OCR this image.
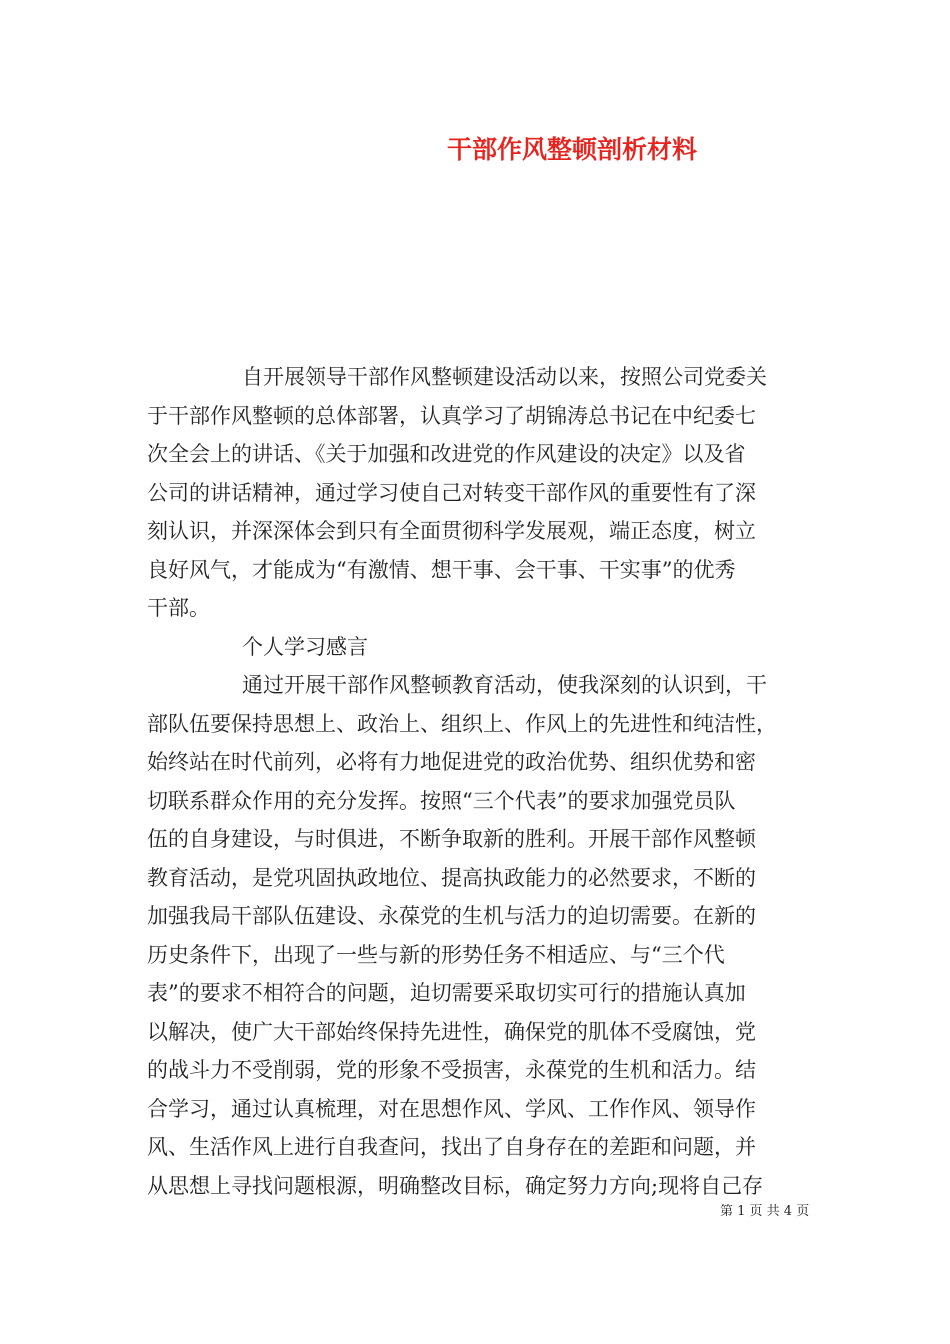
干部作风整顿剖析材料
自开展领导干部作风整顿建设活动以来，按照公司党委关
于干部作风整顿的总体部署，认真学习了胡锦涛总书记在中纪委七
次全会上的讲话、《关于加强和改进党的作风建设的决定》以及省
公司的讲话精神，通过学习使自己对转变干部作风的重要性有了深
刻认识，并深深体会到只有全面贯彻科学发展观，端正态度，树立
良好风气，才能成为“有激情、想干事、会干事、干实事”的优秀
干部。
个人学习感言
通过开展干部作风整顿教育活动，使我深刻的认识到，干
部队伍要保持思想上、政治上、组织上、作风上的先进性和纯洁性，
始终站在时代前列，必将有力地促进党的政治优势、组织优势和密
切联系群众作用的充分发挥。按照“三个代表”的要求加强党员队
伍的自身建设，与时俱进，不断争取新的胜利。开展干部作风整顿
教育活动，是党巩固执政地位、提高执政能力的必然要求，不断的
加强我局干部队伍建设、永葆党的生机与活力的迫切需要。在新的
历史条件下，出现了一些与新的形势任务不相适应、与“三个代
表”的要求不相符合的问题，迫切需要采取切实可行的措施认真加
以解决，使广大干部始终保持先进性，确保党的肌体不受腐蚀，党
的战斗力不受削弱，党的形象不受损害，永葆党的生机和活力。结
合学习，通过认真梳理，对在思想作风、学风、工作作风、领导作
风、生活作风上进行自我查问，找出了自身存在的差距和问题，并
从思想上寻找问题根源，明确整改目标，确定努力方向;现将自己存
第 1 页 共 4 页
